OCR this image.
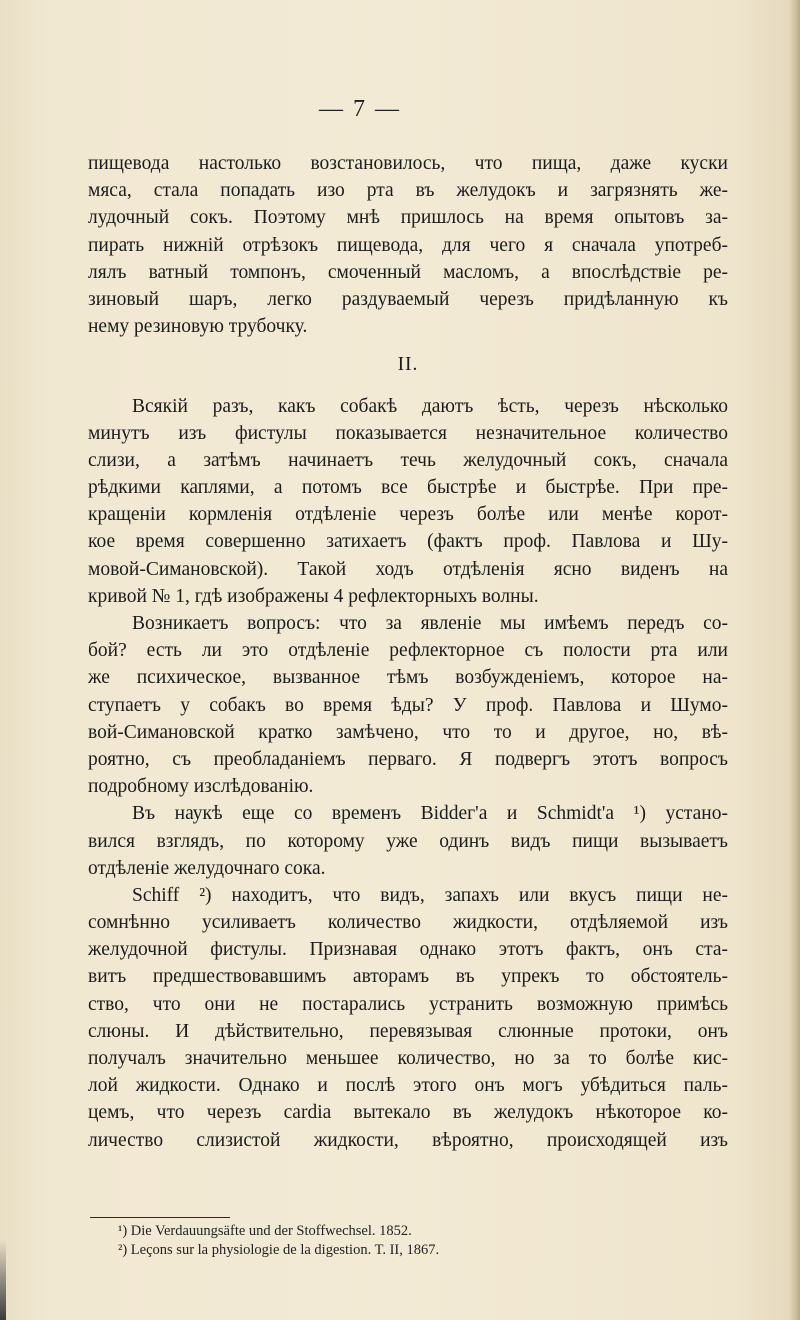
— 7 —
пищевода настолько возстановилось, что пища, даже куски
мяса, стала попадать изо рта въ желудокъ и загрязнять же-
лудочный сокъ. Поэтому мнѣ пришлось на время опытовъ за-
пирать нижнiй отрѣзокъ пищевода, для чего я сначала употреб-
лялъ ватный томпонъ, смоченный масломъ, а впослѣдствiе ре-
зиновый шаръ, легко раздуваемый черезъ придѣланную къ
нему резиновую трубочку.
II.
Всякiй разъ, какъ собакѣ даютъ ѣсть, черезъ нѣсколько
минутъ изъ фистулы показывается незначительное количество
слизи, а затѣмъ начинаетъ течь желудочный сокъ, сначала
рѣдкими каплями, а потомъ все быстрѣе и быстрѣе. При пре-
кращенiи кормленiя отдѣленiе черезъ болѣе или менѣе корот-
кое время совершенно затихаетъ (фактъ проф. Павлова и Шу-
мовой-Симановской). Такой ходъ отдѣленiя ясно виденъ на
кривой № 1, гдѣ изображены 4 рефлекторныхъ волны.
Возникаетъ вопросъ: что за явленiе мы имѣемъ передъ со-
бой? есть ли это отдѣленiе рефлекторное съ полости рта или
же психическое, вызванное тѣмъ возбужденiемъ, которое на-
ступаетъ у собакъ во время ѣды? У проф. Павлова и Шумо-
вой-Симановской кратко замѣчено, что то и другое, но, вѣ-
роятно, съ преобладанiемъ перваго. Я подвергъ этотъ вопросъ
подробному изслѣдованiю.
Въ наукѣ еще со временъ Biddег'а и Schmidt'а ¹) устано-
вился взглядъ, по которому уже одинъ видъ пищи вызываетъ
отдѣленiе желудочнаго сока.
Schiff ²) находитъ, что видъ, запахъ или вкусъ пищи не-
сомнѣнно усиливаетъ количество жидкости, отдѣляемой изъ
желудочной фистулы. Признавая однако этотъ фактъ, онъ ста-
витъ предшествовавшимъ авторамъ въ упрекъ то обстоятель-
ство, что они не постарались устранить возможную примѣсь
слюны. И дѣйствительно, перевязывая слюнные протоки, онъ
получалъ значительно меньшее количество, но за то болѣе кис-
лой жидкости. Однако и послѣ этого онъ могъ убѣдиться паль-
цемъ, что черезъ cardia вытекало въ желудокъ нѣкоторое ко-
личество слизистой жидкости, вѣроятно, происходящей изъ
¹) Die Verdauungsäfte und der Stoffwechsel. 1852.
²) Leçons sur la physiologie de la digestion. T. II, 1867.
